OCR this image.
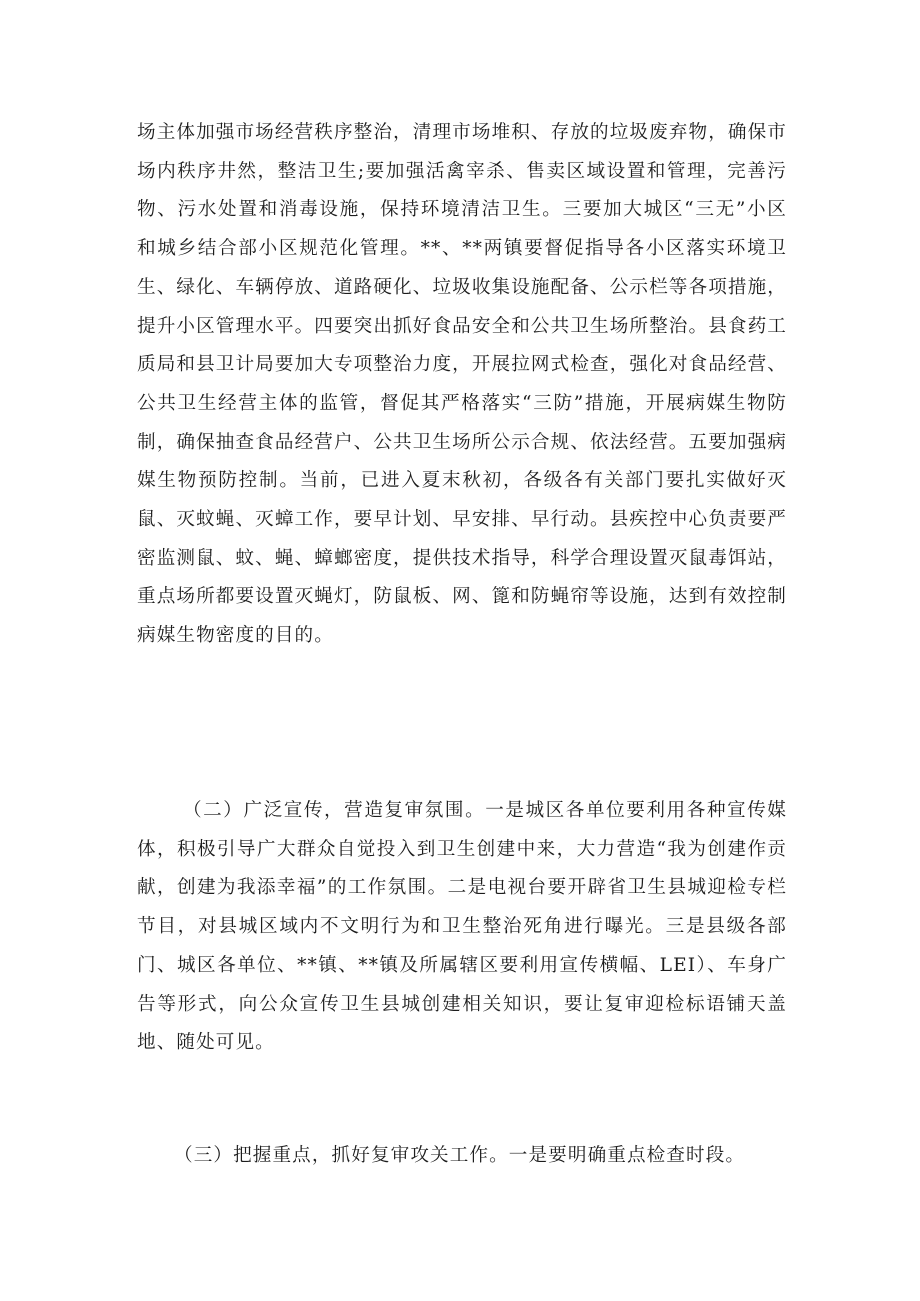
场主体加强市场经营秩序整治，清理市场堆积、存放的垃圾废弃物，确保市场内秩序井然，整洁卫生;要加强活禽宰杀、售卖区域设置和管理，完善污物、污水处置和消毒设施，保持环境清洁卫生。三要加大城区“三无”小区和城乡结合部小区规范化管理。**、**两镇要督促指导各小区落实环境卫生、绿化、车辆停放、道路硬化、垃圾收集设施配备、公示栏等各项措施，提升小区管理水平。四要突出抓好食品安全和公共卫生场所整治。县食药工质局和县卫计局要加大专项整治力度，开展拉网式检查，强化对食品经营、公共卫生经营主体的监管，督促其严格落实“三防”措施，开展病媒生物防制，确保抽查食品经营户、公共卫生场所公示合规、依法经营。五要加强病媒生物预防控制。当前，已进入夏末秋初，各级各有关部门要扎实做好灭鼠、灭蚊蝇、灭蟑工作，要早计划、早安排、早行动。县疾控中心负责要严密监测鼠、蚊、蝇、蟑螂密度，提供技术指导，科学合理设置灭鼠毒饵站，重点场所都要设置灭蝇灯，防鼠板、网、篦和防蝇帘等设施，达到有效控制病媒生物密度的目的。

（二）广泛宣传，营造复审氛围。一是城区各单位要利用各种宣传媒体，积极引导广大群众自觉投入到卫生创建中来，大力营造“我为创建作贡献，创建为我添幸福”的工作氛围。二是电视台要开辟省卫生县城迎检专栏节目，对县城区域内不文明行为和卫生整治死角进行曝光。三是县级各部门、城区各单位、**镇、**镇及所属辖区要利用宣传横幅、LEI）、车身广告等形式，向公众宣传卫生县城创建相关知识，要让复审迎检标语铺天盖地、随处可见。

（三）把握重点，抓好复审攻关工作。一是要明确重点检查时段。
